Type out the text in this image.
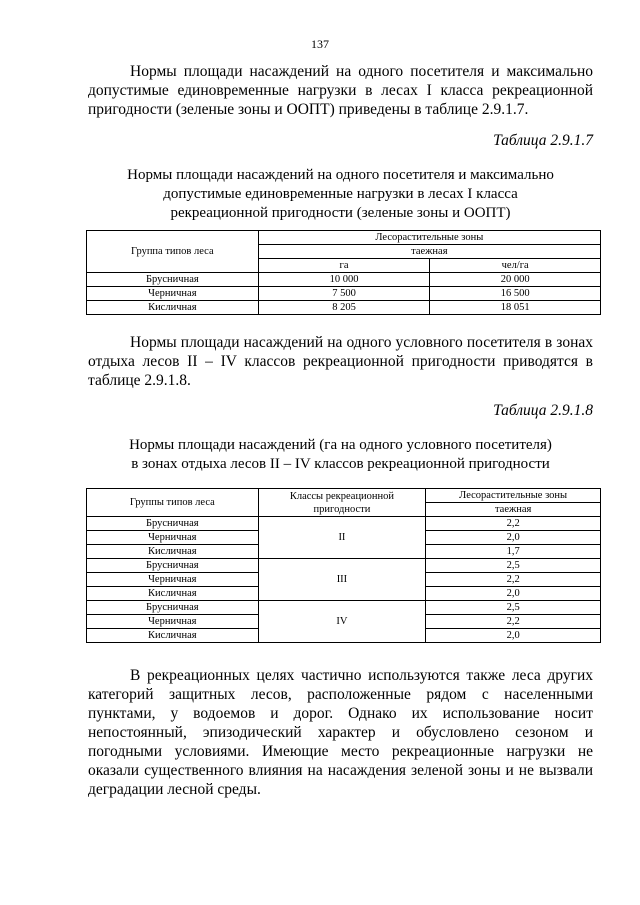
137

Нормы площади насаждений на одного посетителя и максимально допустимые единовременные нагрузки в лесах I класса рекреационной пригодности (зеленые зоны и ООПТ) приведены в таблице 2.9.1.7.

Таблица 2.9.1.7
Нормы площади насаждений на одного посетителя и максимально
допустимые единовременные нагрузки в лесах I класса
рекреационной пригодности (зеленые зоны и ООПТ)
Группа типов леса	Лесорастительные зоны	
	таежная	
	га	чел/га
Брусничная	10 000	20 000
Черничная	7 500	16 500
Кисличная	8 205	18 051

Нормы площади насаждений на одного условного посетителя в зонах отдыха лесов II – IV классов рекреационной пригодности приводятся в таблице 2.9.1.8.

Таблица 2.9.1.8
Нормы площади насаждений (га на одного условного посетителя)
в зонах отдыха лесов II – IV классов рекреационной пригодности
Группы типов леса	Классы рекреационной пригодности	Лесорастительные зоны
		таежная
Брусничная	II	2,2
Черничная		2,0
Кисличная		1,7
Брусничная	III	2,5
Черничная		2,2
Кисличная		2,0
Брусничная	IV	2,5
Черничная		2,2
Кисличная		2,0

В рекреационных целях частично используются также леса других категорий защитных лесов, расположенные рядом с населенными пунктами, у водоемов и дорог. Однако их использование носит непостоянный, эпизодический характер и обусловлено сезоном и погодными условиями. Имеющие место рекреационные нагрузки не оказали существенного влияния на насаждения зеленой зоны и не вызвали деградации лесной среды.
